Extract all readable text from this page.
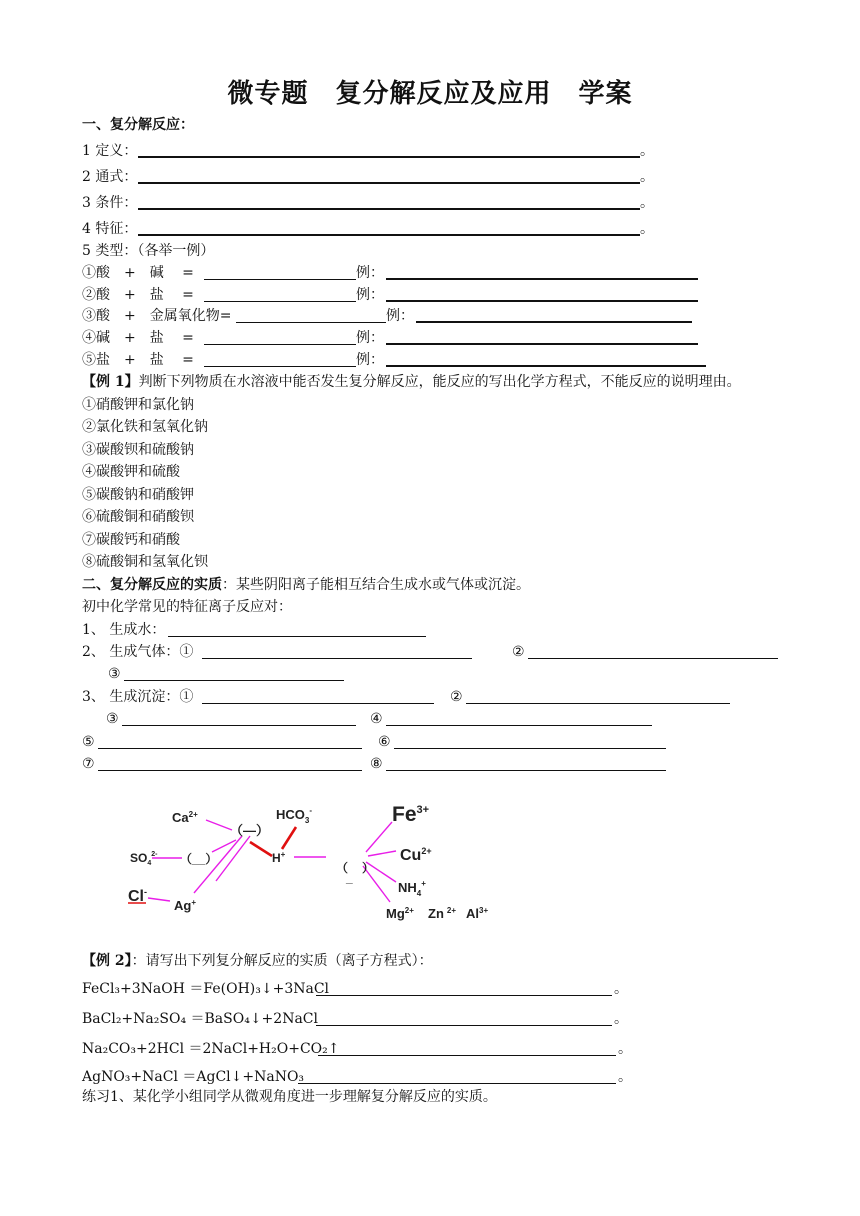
微专题　复分解反应及应用　学案
一、复分解反应：
1 定义：	。
2 通式：	。
3 条件：	。
4 特征：	。
5 类型：（各举一例）
①酸　+　碱　 =	例：
②酸　+　盐　 =	例：
③酸　+　金属氧化物=	例：
④碱　+　盐　 =	例：
⑤盐　+　盐　 =	例：
【例 1】判断下列物质在水溶液中能否发生复分解反应，能反应的写出化学方程式，不能反应的说明理由。
①硝酸钾和氯化钠
②氯化铁和氢氧化钠
③碳酸钡和硫酸钠
④碳酸钾和硫酸
⑤碳酸钠和硝酸钾
⑥硫酸铜和硝酸钡
⑦碳酸钙和硝酸
⑧硫酸铜和氢氧化钡
二、复分解反应的实质：某些阴阳离子能相互结合生成水或气体或沉淀。
初中化学常见的特征离子反应对：
1、 生成水：
2、 生成气体：①	②
③
3、 生成沉淀：①	②
③	④
⑤	⑥
⑦	⑧
$Ca^{2+}$
（—）
$HCO_3^-$	$Fe^{3+}$
$Cu^{2+}$
$SO_4^{2-}$ （__）	H+
（ ）
_
$NH_4^+$
Cl-
Ag+
$Mg^{2+}$ Zn $^{2+}$ $Al^{3+}$
【例 2】：请写出下列复分解反应的实质（离子方程式）：
FeCl₃+3NaOH ＝Fe(OH)₃↓+3NaCl	。
BaCl₂+Na₂SO₄ ＝BaSO₄↓+2NaCl	。
Na₂CO₃+2HCl ＝2NaCl+H₂O+CO₂↑	。
AgNO₃+NaCl ＝AgCl↓+NaNO₃	。
练习1、某化学小组同学从微观角度进一步理解复分解反应的实质。
